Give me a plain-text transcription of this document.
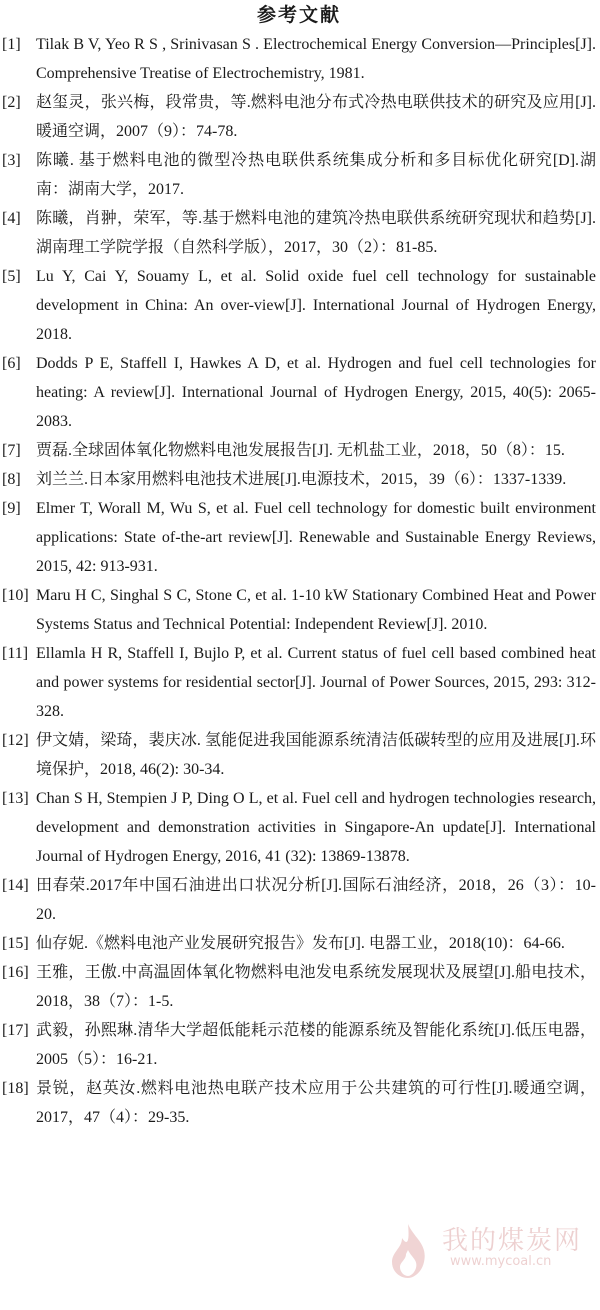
参考文献
[1] Tilak B V, Yeo R S , Srinivasan S . Electrochemical Energy Conversion—Principles[J]. Comprehensive Treatise of Electrochemistry, 1981.
[2] 赵玺灵，张兴梅，段常贵，等.燃料电池分布式冷热电联供技术的研究及应用[J].暖通空调，2007（9）：74-78.
[3] 陈曦. 基于燃料电池的微型冷热电联供系统集成分析和多目标优化研究[D].湖南：湖南大学，2017.
[4] 陈曦，肖翀，荣军，等.基于燃料电池的建筑冷热电联供系统研究现状和趋势[J].湖南理工学院学报（自然科学版），2017，30（2）：81-85.
[5] Lu Y, Cai Y, Souamy L, et al. Solid oxide fuel cell technology for sustainable development in China: An over-view[J]. International Journal of Hydrogen Energy, 2018.
[6] Dodds P E, Staffell I, Hawkes A D, et al. Hydrogen and fuel cell technologies for heating: A review[J]. International Journal of Hydrogen Energy, 2015, 40(5): 2065-2083.
[7] 贾磊.全球固体氧化物燃料电池发展报告[J]. 无机盐工业，2018，50（8）：15.
[8] 刘兰兰.日本家用燃料电池技术进展[J].电源技术，2015，39（6）：1337-1339.
[9] Elmer T, Worall M, Wu S, et al. Fuel cell technology for domestic built environment applications: State of-the-art review[J]. Renewable and Sustainable Energy Reviews, 2015, 42: 913-931.
[10] Maru H C, Singhal S C, Stone C, et al. 1-10 kW Stationary Combined Heat and Power Systems Status and Technical Potential: Independent Review[J]. 2010.
[11] Ellamla H R, Staffell I, Bujlo P, et al. Current status of fuel cell based combined heat and power systems for residential sector[J]. Journal of Power Sources, 2015, 293: 312-328.
[12] 伊文婧，梁琦，裴庆冰. 氢能促进我国能源系统清洁低碳转型的应用及进展[J].环境保护，2018, 46(2): 30-34.
[13] Chan S H, Stempien J P, Ding O L, et al. Fuel cell and hydrogen technologies research, development and demonstration activities in Singapore-An update[J]. International Journal of Hydrogen Energy, 2016, 41 (32): 13869-13878.
[14] 田春荣.2017年中国石油进出口状况分析[J].国际石油经济，2018，26（3）：10-20.
[15] 仙存妮.《燃料电池产业发展研究报告》发布[J]. 电器工业，2018(10)：64-66.
[16] 王雅，王傲.中高温固体氧化物燃料电池发电系统发展现状及展望[J].船电技术，2018，38（7）：1-5.
[17] 武毅，孙熙琳.清华大学超低能耗示范楼的能源系统及智能化系统[J].低压电器，2005（5）：16-21.
[18] 景锐，赵英汝.燃料电池热电联产技术应用于公共建筑的可行性[J].暖通空调，2017，47（4）：29-35.
我的煤炭网
www.mycoal.cn
